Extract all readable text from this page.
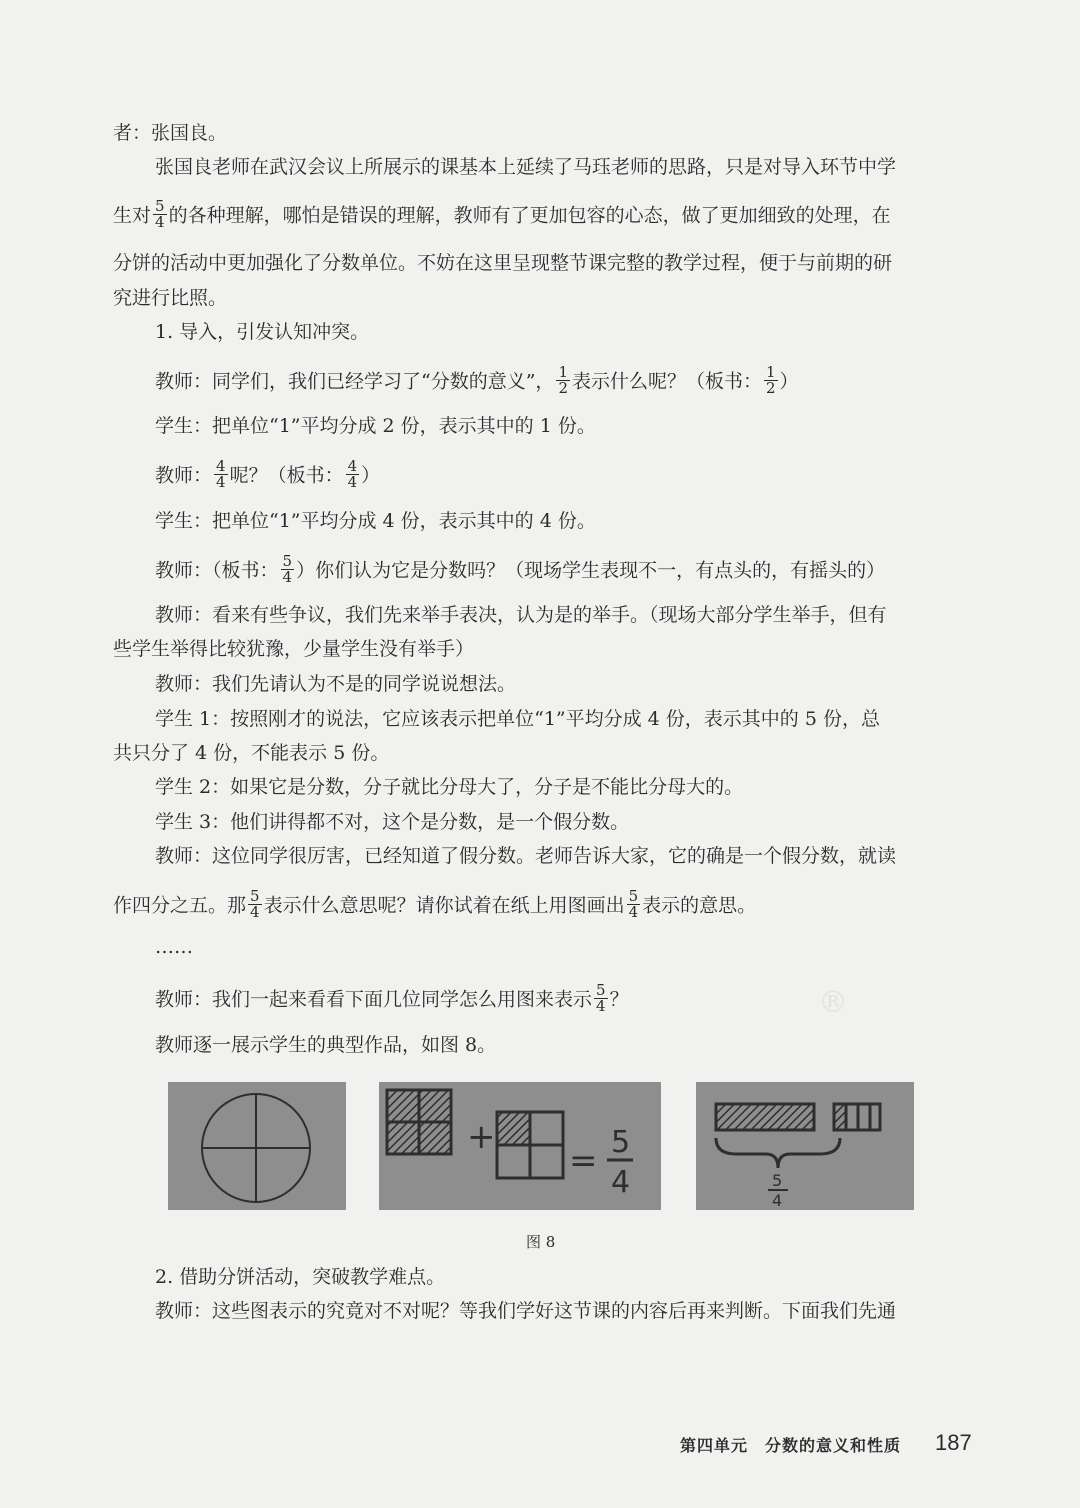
者：张国良。
张国良老师在武汉会议上所展示的课基本上延续了马珏老师的思路，只是对导入环节中学
生对 $\frac{5}{4}$ 的各种理解，哪怕是错误的理解，教师有了更加包容的心态，做了更加细致的处理，在
分饼的活动中更加强化了分数单位。不妨在这里呈现整节课完整的教学过程，便于与前期的研
究进行比照。
1. 导入，引发认知冲突。
教师：同学们，我们已经学习了“分数的意义”， $\frac{1}{2}$ 表示什么呢？（板书： $\frac{1}{2}$ ）
学生：把单位“1”平均分成 2 份，表示其中的 1 份。
教师： $\frac{4}{4}$ 呢？（板书： $\frac{4}{4}$ ）
学生：把单位“1”平均分成 4 份，表示其中的 4 份。
教师：（板书： $\frac{5}{4}$ ）你们认为它是分数吗？（现场学生表现不一，有点头的，有摇头的）
教师：看来有些争议，我们先来举手表决，认为是的举手。（现场大部分学生举手，但有
些学生举得比较犹豫，少量学生没有举手）
教师：我们先请认为不是的同学说说想法。
学生 1：按照刚才的说法，它应该表示把单位“1”平均分成 4 份，表示其中的 5 份，总
共只分了 4 份，不能表示 5 份。
学生 2：如果它是分数，分子就比分母大了，分子是不能比分母大的。
学生 3：他们讲得都不对，这个是分数，是一个假分数。
教师：这位同学很厉害，已经知道了假分数。老师告诉大家，它的确是一个假分数，就读
作四分之五。那 $\frac{5}{4}$ 表示什么意思呢？请你试着在纸上用图画出 $\frac{5}{4}$ 表示的意思。
……
教师：我们一起来看看下面几位同学怎么用图来表示 $\frac{5}{4}$ ？
教师逐一展示学生的典型作品，如图 8。
®
+
= 5
4	5
4
图 8
2. 借助分饼活动，突破教学难点。
教师：这些图表示的究竟对不对呢？等我们学好这节课的内容后再来判断。下面我们先通
第四单元　分数的意义和性质 187
